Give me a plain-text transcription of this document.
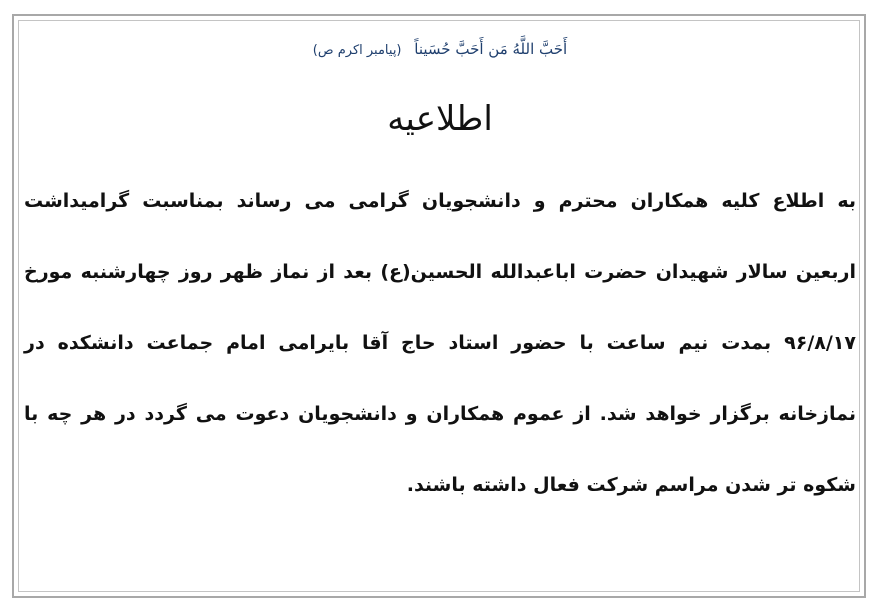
أَحَبَّ اللَّهُ مَن أَحَبَّ حُسَيناً (پیامبر اکرم ص)
اطلاعیه
به اطلاع کلیه همکاران محترم و دانشجویان گرامی می رساند بمناسبت گرامیداشت
اربعین سالار شهیدان حضرت اباعبدالله الحسین(ع) بعد از نماز ظهر روز چهارشنبه مورخ
۹۶/۸/۱۷ بمدت نیم ساعت با حضور استاد حاج آقا بایرامی امام جماعت دانشکده در
نمازخانه برگزار خواهد شد. از عموم همکاران و دانشجویان دعوت می گردد در هر چه با
شکوه تر شدن مراسم شرکت فعال داشته باشند.
